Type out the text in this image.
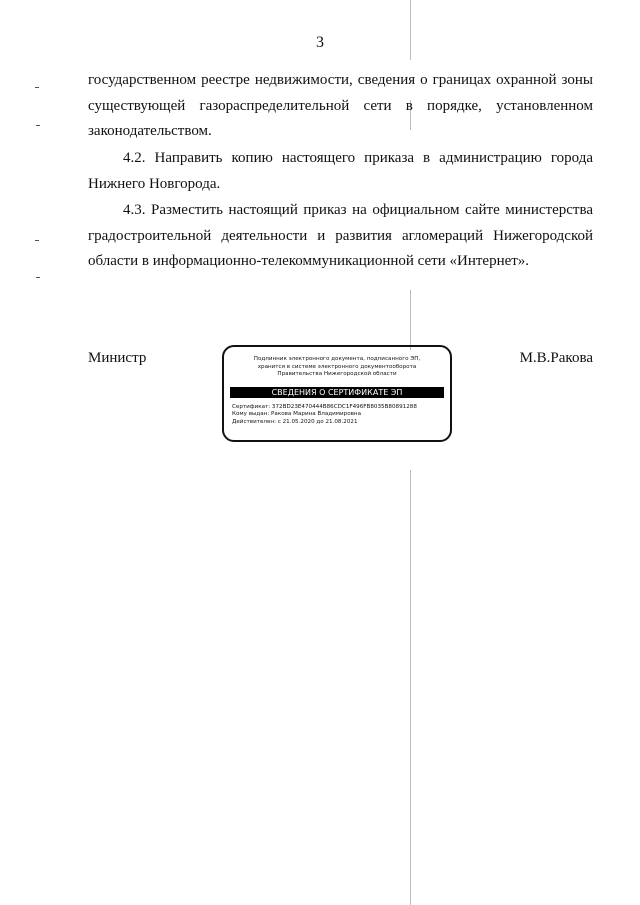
3
государственном реестре недвижимости, сведения о границах охранной зоны
существующей газораспределительной сети в порядке, установленном
законодательством.
4.2. Направить копию настоящего приказа в администрацию города
Нижнего Новгорода.
4.3. Разместить настоящий приказ на официальном сайте министерства
градостроительной деятельности и развития агломераций Нижегородской
области в информационно-телекоммуникационной сети «Интернет».
Министр	М.В.Ракова
Подлинник электронного документа, подписанного ЭП,
хранится в системе электронного документооборота
Правительства Нижегородской области
СВЕДЕНИЯ О СЕРТИФИКАТЕ ЭП
Сертификат: 372BD23E470444B86CDC1F496FB8035B80891288
Кому выдан: Ракова Марина Владимировна
Действителен: с 21.05.2020 до 21.08.2021
